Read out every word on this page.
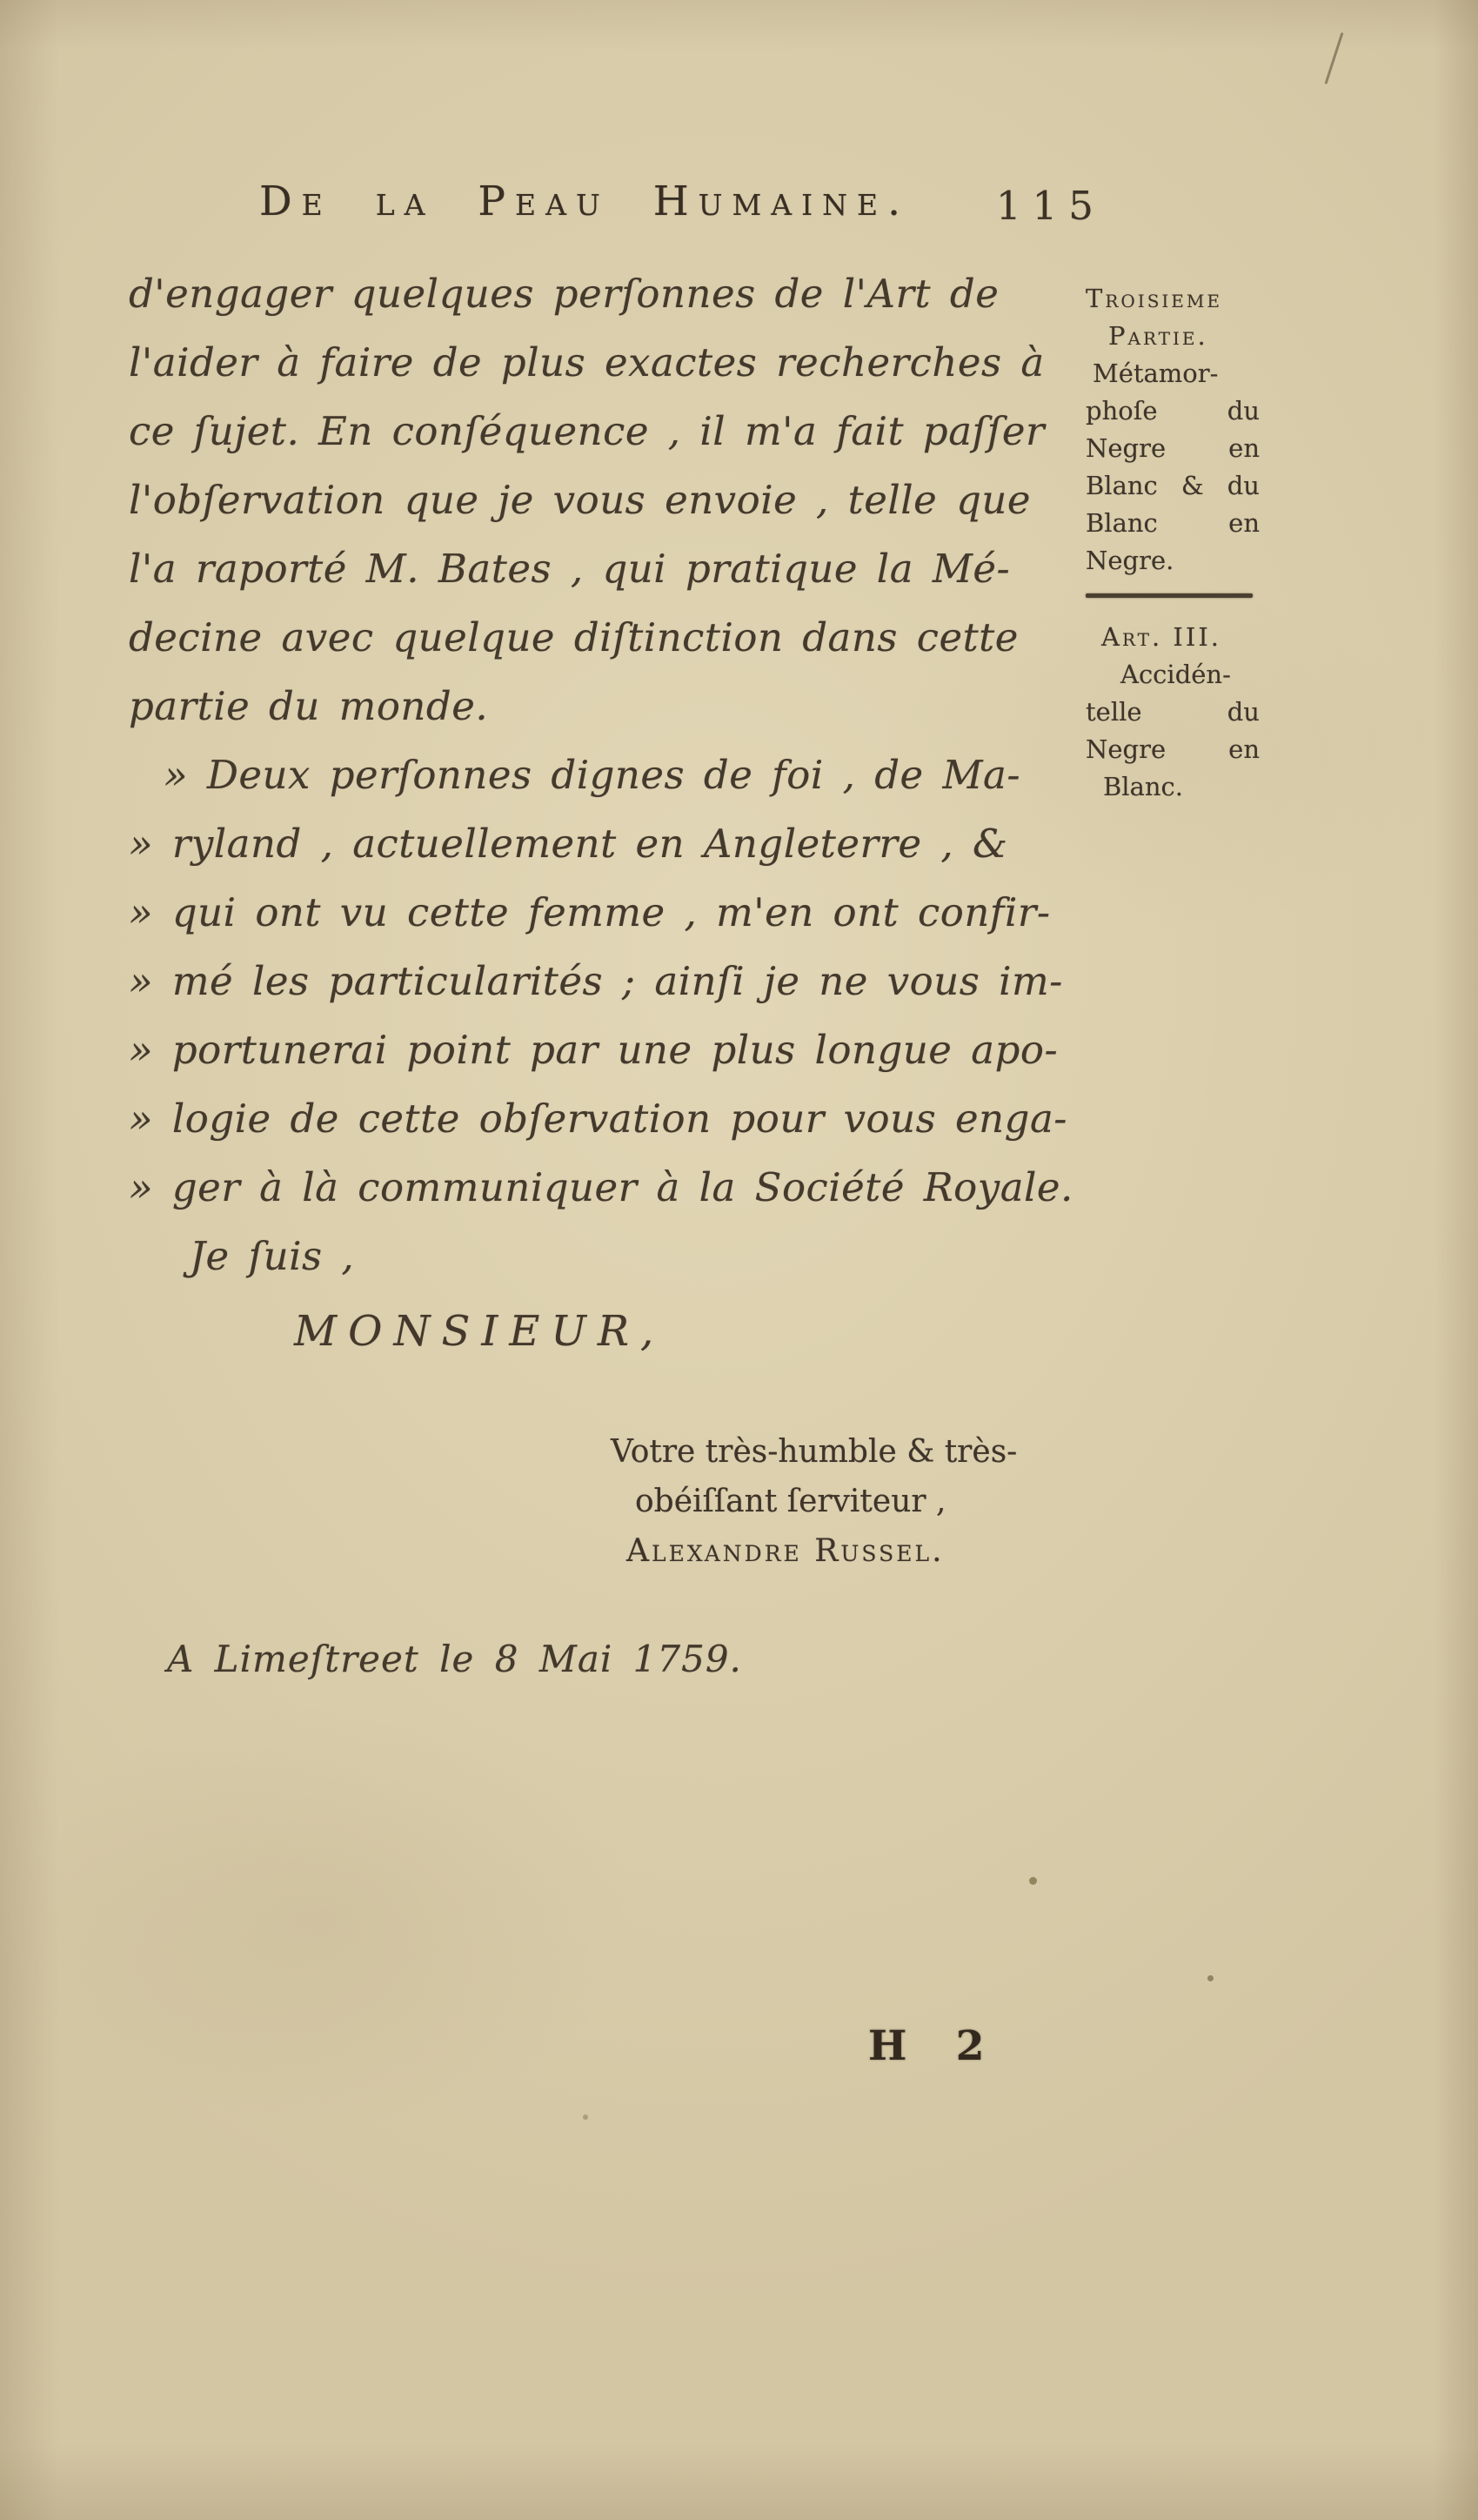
De la Peau Humaine. 115
d'engager quelques perſonnes de l'Art de
l'aider à faire de plus exactes recherches à
ce ſujet. En conſéquence , il m'a fait paſſer
l'obſervation que je vous envoie , telle que
l'a raporté M. Bates , qui pratique la Mé-
decine avec quelque diſtinction dans cette
partie du monde.
» Deux perſonnes dignes de foi , de Ma-
» ryland , actuellement en Angleterre , &
» qui ont vu cette femme , m'en ont confir-
» mé les particularités ; ainſi je ne vous im-
» portunerai point par une plus longue apo-
» logie de cette obſervation pour vous enga-
» ger à là communiquer à la Société Royale.
Je ſuis ,
Troisieme
Partie.
Métamor-
phoſe du
Negre en
Blanc & du
Blanc en
Negre.
Art. III.
Accidén-
telle du
Negre en
Blanc.
MONSIEUR,
Votre très-humble & très-
obéiſſant ſerviteur ,
Alexandre Russel.
A Limeſtreet le 8 Mai 1759.
H 2
